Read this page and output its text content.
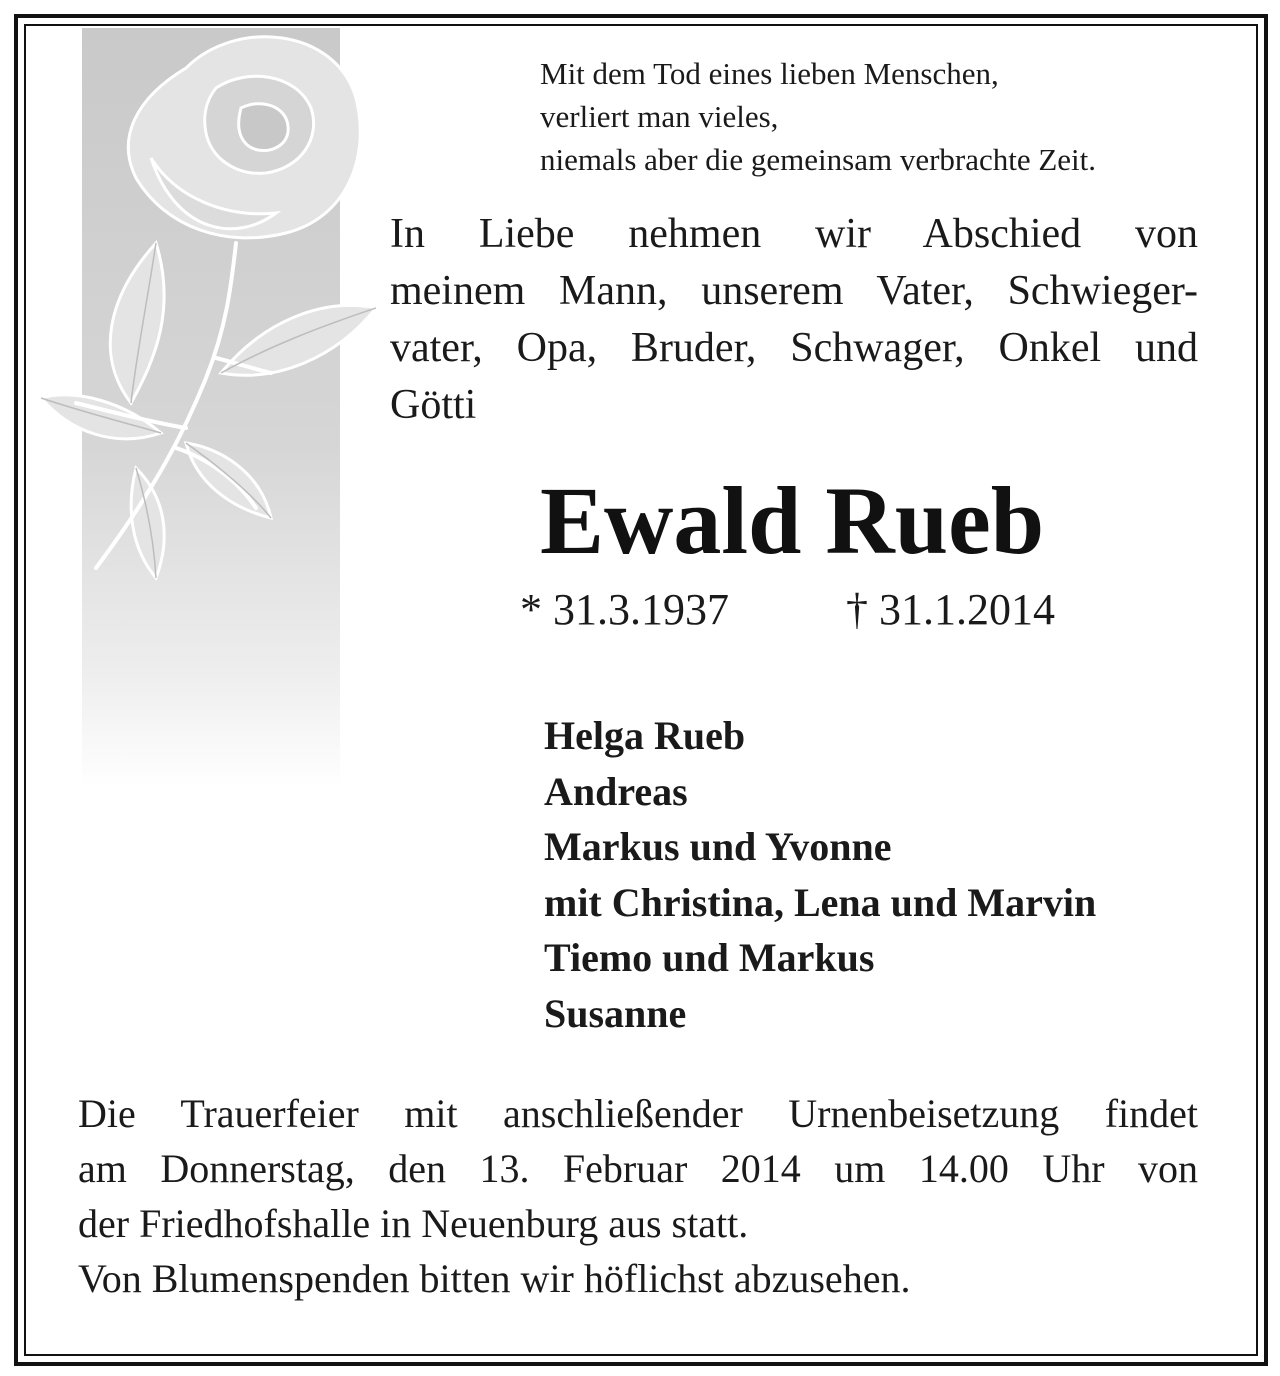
Mit dem Tod eines lieben Menschen,
verliert man vieles,
niemals aber die gemeinsam verbrachte Zeit.
In Liebe nehmen wir Abschied von
meinem Mann, unserem Vater, Schwieger-
vater, Opa, Bruder, Schwager, Onkel und
Götti
Ewald Rueb
* 31.3.1937	† 31.1.2014
Helga Rueb
Andreas
Markus und Yvonne
mit Christina, Lena und Marvin
Tiemo und Markus
Susanne
Die Trauerfeier mit anschließender Urnenbeisetzung findet
am Donnerstag, den 13. Februar 2014 um 14.00 Uhr von
der Friedhofshalle in Neuenburg aus statt.
Von Blumenspenden bitten wir höflichst abzusehen.
